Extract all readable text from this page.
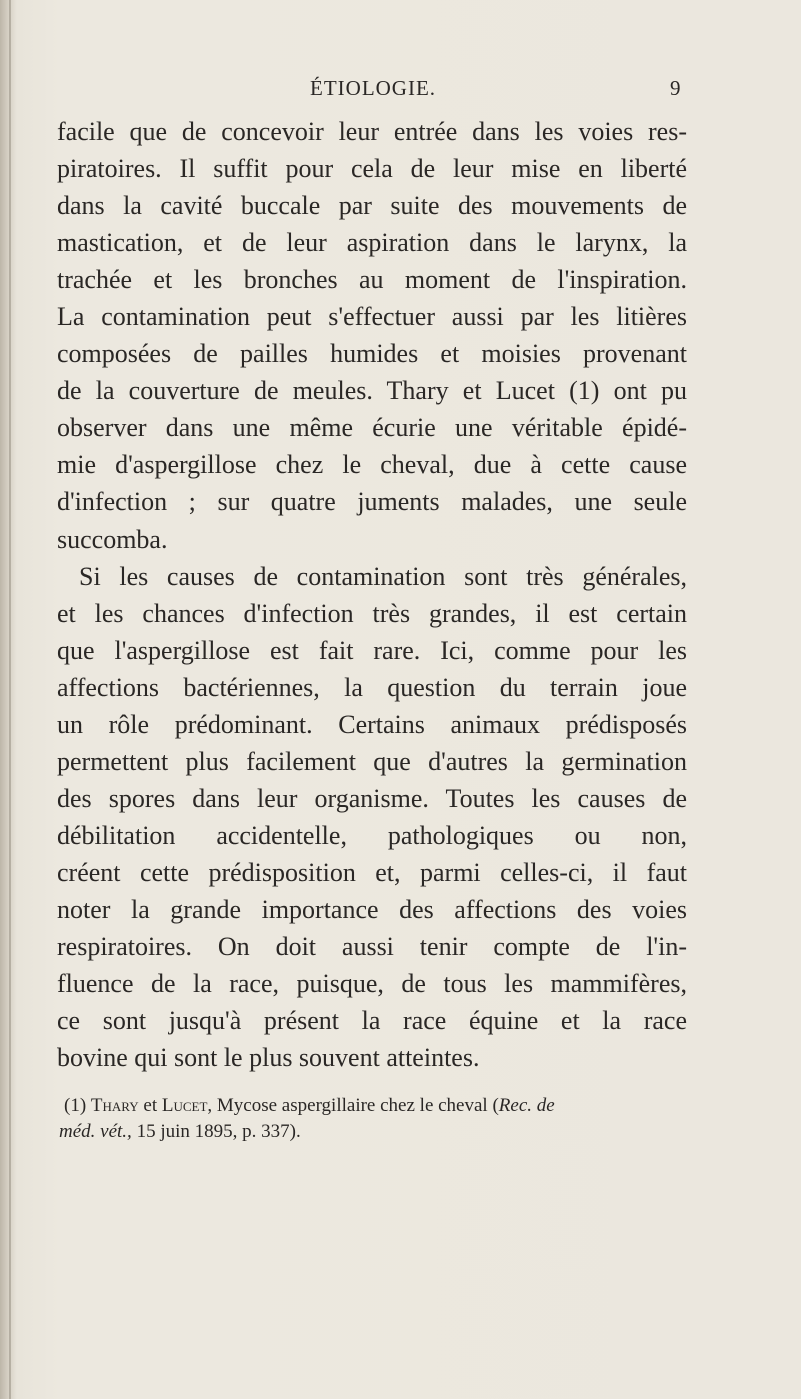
ÉTIOLOGIE.	9
facile que de concevoir leur entrée dans les voies res-
piratoires. Il suffit pour cela de leur mise en liberté
dans la cavité buccale par suite des mouvements de
mastication, et de leur aspiration dans le larynx, la
trachée et les bronches au moment de l'inspiration.
La contamination peut s'effectuer aussi par les litières
composées de pailles humides et moisies provenant
de la couverture de meules. Thary et Lucet (1) ont pu
observer dans une même écurie une véritable épidé-
mie d'aspergillose chez le cheval, due à cette cause
d'infection ; sur quatre juments malades, une seule
succomba.
Si les causes de contamination sont très générales,
et les chances d'infection très grandes, il est certain
que l'aspergillose est fait rare. Ici, comme pour les
affections bactériennes, la question du terrain joue
un rôle prédominant. Certains animaux prédisposés
permettent plus facilement que d'autres la germination
des spores dans leur organisme. Toutes les causes de
débilitation accidentelle, pathologiques ou non,
créent cette prédisposition et, parmi celles-ci, il faut
noter la grande importance des affections des voies
respiratoires. On doit aussi tenir compte de l'in-
fluence de la race, puisque, de tous les mammifères,
ce sont jusqu'à présent la race équine et la race
bovine qui sont le plus souvent atteintes.
(1) Thary et Lucet, Mycose aspergillaire chez le cheval (Rec. de
méd. vét., 15 juin 1895, p. 337).
